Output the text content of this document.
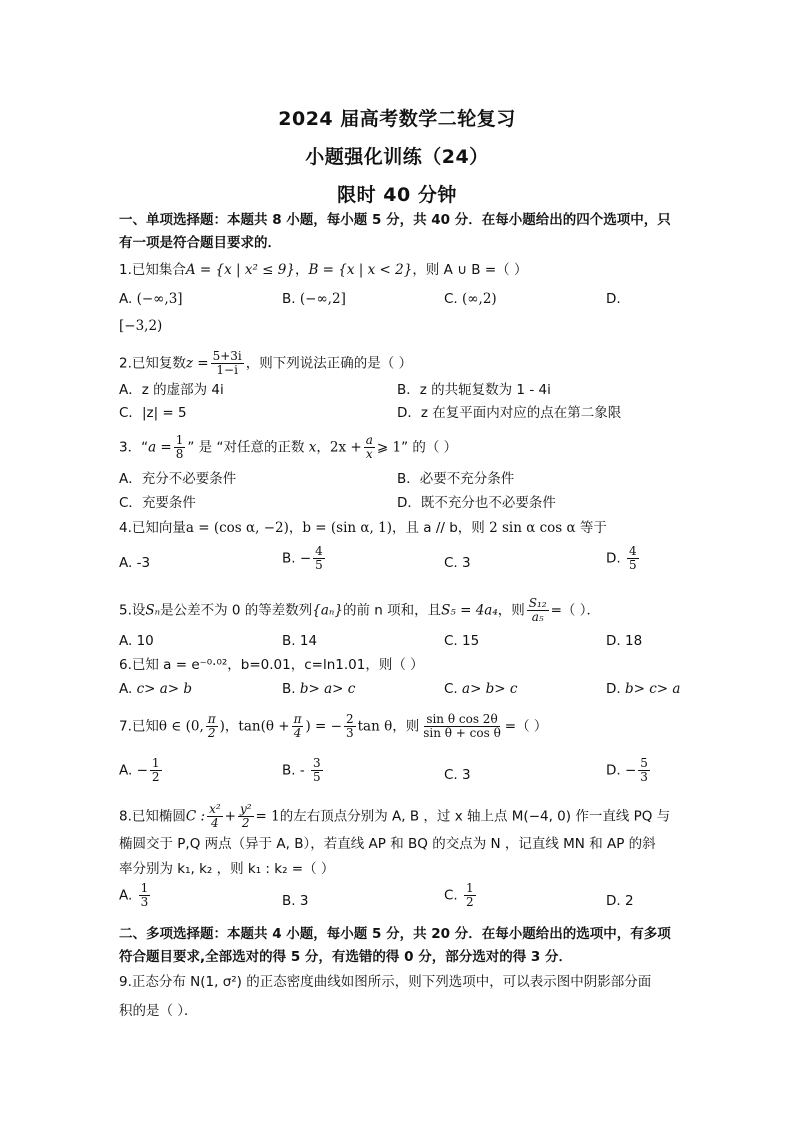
2024 届高考数学二轮复习
小题强化训练（24）
限时 40 分钟
一、单项选择题：本题共 8 小题，每小题 5 分，共 40 分．在每小题给出的四个选项中，只
有一项是符合题目要求的．
1.已知集合A = {x | x² ≤ 9}，B = {x | x < 2}，则 A ∪ B =（ ）
A. (−∞,3]	B. (−∞,2]	C. (∞,2)	D.
[−3,2)
2.已知复数$z = \frac{5+3i}{1-i}$ ，则下列说法正确的是（ ）
A．z 的虚部为 4i	B．z 的共轭复数为 1 - 4i
C．|z| = 5	D．z 在复平面内对应的点在第二象限
3．“$a = \frac{1}{8}$ ” 是 “对任意的正数 x，$2x + \frac{a}{x}$ ⩾ 1” 的（ ）
A．充分不必要条件	B．必要不充分条件
C．充要条件	D．既不充分也不必要条件
4.已知向量a = (cos α, −2)，b = (sin α, 1)，且 a // b，则 2 sin α cos α 等于
A. -3	B. − $\frac{4}{5}$	C. 3	D. $\frac{4}{5}$
5.设Sₙ是公差不为 0 的等差数列{aₙ}的前 n 项和，且S₅ = 4a₄，则 $\frac{\text{S₁₂}}{\text{a₅}}$ =（ ）．
A. 10	B. 14	C. 15	D. 18
6.已知 a = e⁻⁰·⁰²，b=0.01，c=ln1.01，则（ ）
A. c> a> b	B. b> a> c	C. a> b> c	D. b> c> a
7.已知θ ∈ (0, $\frac{\pi}{2}$ )，$\tan(\theta + \frac{\pi}{4}$ ) = − $\frac{2}{3}$ tan θ，则 $\frac{\text{sin θ cos 2θ}}{\text{sin θ + cos θ}}$ =（ ）
A. − $\frac{1}{2}$	B. - $\frac{3}{5}$	C. 3	D. − $\frac{5}{3}$
8.已知椭圆C : $\frac{\text{x²}}{4} + \frac{\text{y²}}{2} = 1$的左右顶点分别为 A, B ，过 x 轴上点 M(−4, 0) 作一直线 PQ 与
椭圆交于 P,Q 两点（异于 A, B），若直线 AP 和 BQ 的交点为 N ，记直线 MN 和 AP 的斜
率分别为 k₁, k₂ ，则 k₁ : k₂ =（ ）
A. $\frac{1}{3}$	B. 3	C. $\frac{1}{2}$	D. 2
二、多项选择题：本题共 4 小题，每小题 5 分，共 20 分．在每小题给出的选项中，有多项
符合题目要求,全部选对的得 5 分，有选错的得 0 分，部分选对的得 3 分．
9.正态分布 N(1, σ²) 的正态密度曲线如图所示，则下列选项中，可以表示图中阴影部分面
积的是（ ）．
